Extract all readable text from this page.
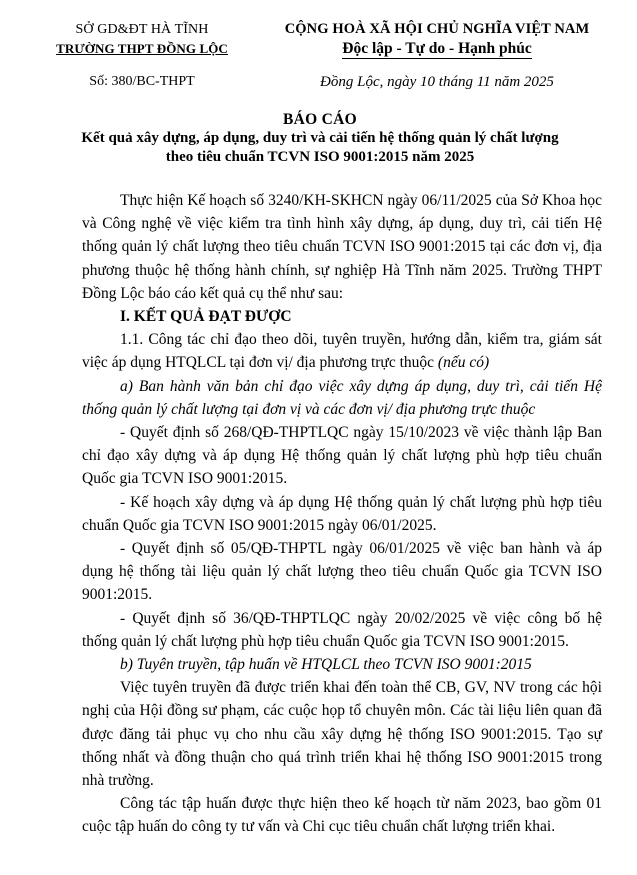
SỞ GD&ĐT HÀ TĨNH
TRƯỜNG THPT ĐỒNG LỘC
Số: 380/BC-THPT
CỘNG HOÀ XÃ HỘI CHỦ NGHĨA VIỆT NAM
Độc lập - Tự do - Hạnh phúc
Đồng Lộc, ngày 10 tháng 11 năm 2025
BÁO CÁO
Kết quả xây dựng, áp dụng, duy trì và cải tiến hệ thống quản lý chất lượng
theo tiêu chuẩn TCVN ISO 9001:2015 năm 2025

Thực hiện Kế hoạch số 3240/KH-SKHCN ngày 06/11/2025 của Sở Khoa học và Công nghệ về việc kiểm tra tình hình xây dựng, áp dụng, duy trì, cải tiến Hệ thống quản lý chất lượng theo tiêu chuẩn TCVN ISO 9001:2015 tại các đơn vị, địa phương thuộc hệ thống hành chính, sự nghiệp Hà Tĩnh năm 2025. Trường THPT Đồng Lộc báo cáo kết quả cụ thể như sau:

I. KẾT QUẢ ĐẠT ĐƯỢC

1.1. Công tác chỉ đạo theo dõi, tuyên truyền, hướng dẫn, kiểm tra, giám sát việc áp dụng HTQLCL tại đơn vị/ địa phương trực thuộc (nếu có)

a) Ban hành văn bản chỉ đạo việc xây dựng áp dụng, duy trì, cải tiến Hệ thống quản lý chất lượng tại đơn vị và các đơn vị/ địa phương trực thuộc

- Quyết định số 268/QĐ-THPTLQC ngày 15/10/2023 về việc thành lập Ban chỉ đạo xây dựng và áp dụng Hệ thống quản lý chất lượng phù hợp tiêu chuẩn Quốc gia TCVN ISO 9001:2015.

- Kế hoạch xây dựng và áp dụng Hệ thống quản lý chất lượng phù hợp tiêu chuẩn Quốc gia TCVN ISO 9001:2015 ngày 06/01/2025.

- Quyết định số 05/QĐ-THPTL ngày 06/01/2025 về việc ban hành và áp dụng hệ thống tài liệu quản lý chất lượng theo tiêu chuẩn Quốc gia TCVN ISO 9001:2015.

- Quyết định số 36/QĐ-THPTLQC ngày 20/02/2025 về việc công bố hệ thống quản lý chất lượng phù hợp tiêu chuẩn Quốc gia TCVN ISO 9001:2015.

b) Tuyên truyền, tập huấn về HTQLCL theo TCVN ISO 9001:2015

Việc tuyên truyền đã được triển khai đến toàn thể CB, GV, NV trong các hội nghị của Hội đồng sư phạm, các cuộc họp tổ chuyên môn. Các tài liệu liên quan đã được đăng tải phục vụ cho nhu cầu xây dựng hệ thống ISO 9001:2015. Tạo sự thống nhất và đồng thuận cho quá trình triển khai hệ thống ISO 9001:2015 trong nhà trường.

Công tác tập huấn được thực hiện theo kế hoạch từ năm 2023, bao gồm 01 cuộc tập huấn do công ty tư vấn và Chi cục tiêu chuẩn chất lượng triển khai.
